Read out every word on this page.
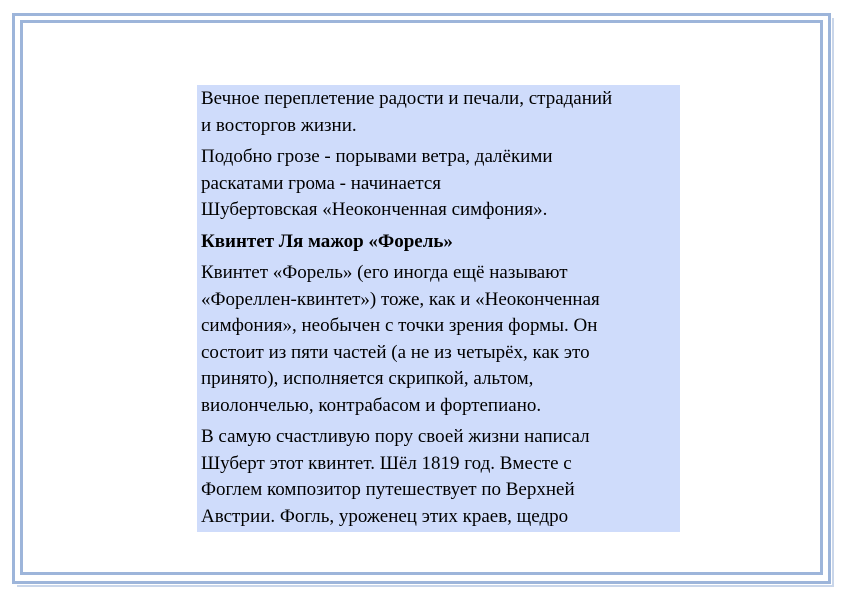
Вечное переплетение радости и печали, страданий
и восторгов жизни.

Подобно грозе - порывами ветра, далёкими
раскатами грома - начинается
Шубертовская «Неоконченная симфония».

Квинтет Ля мажор «Форель»

Квинтет «Форель» (его иногда ещё называют
«Фореллен-квинтет») тоже, как и «Неоконченная
симфония», необычен с точки зрения формы. Он
состоит из пяти частей (а не из четырёх, как это
принято), исполняется скрипкой, альтом,
виолончелью, контрабасом и фортепиано.

В самую счастливую пору своей жизни написал
Шуберт этот квинтет. Шёл 1819 год. Вместе с
Фоглем композитор путешествует по Верхней
Австрии. Фогль, уроженец этих краев, щедро
